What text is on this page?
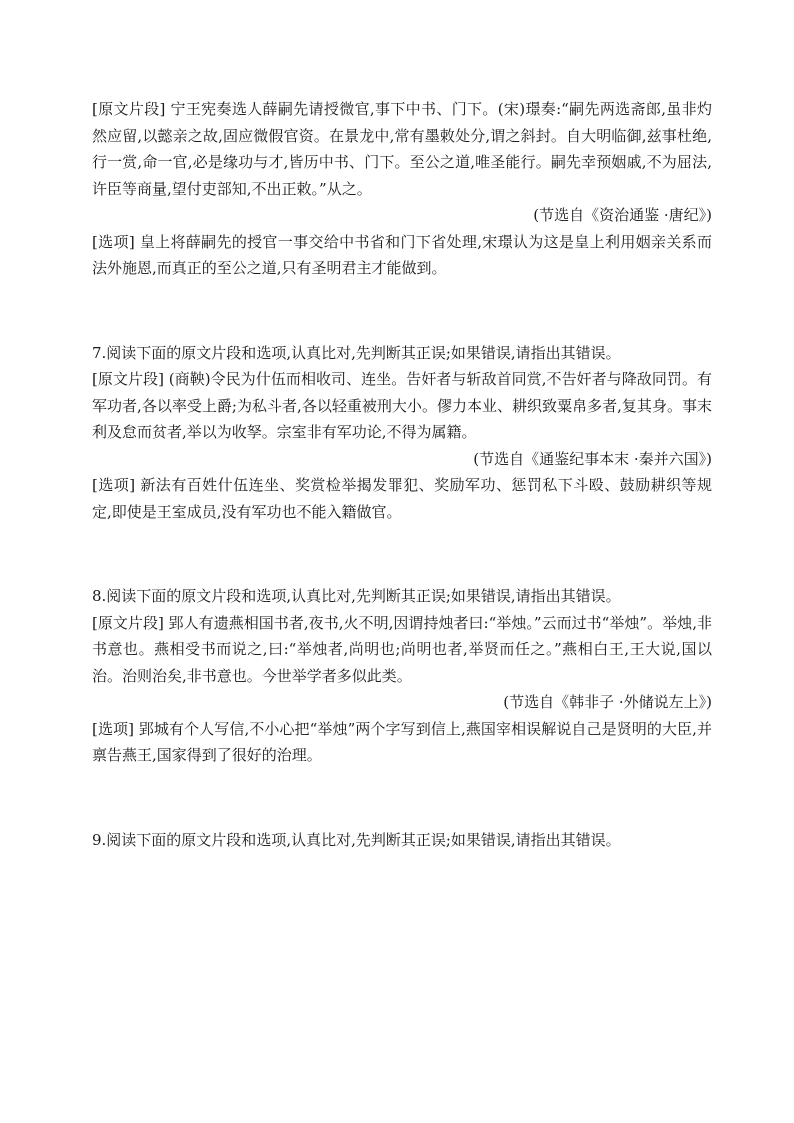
[原文片段] 宁王宪奏选人薛嗣先请授微官,事下中书、门下。(宋)璟奏:“嗣先两选斋郎,虽非灼然应留,以懿亲之故,固应微假官资。在景龙中,常有墨敕处分,谓之斜封。自大明临御,兹事杜绝,行一赏,命一官,必是缘功与才,皆历中书、门下。至公之道,唯圣能行。嗣先幸预姻戚,不为屈法,许臣等商量,望付吏部知,不出正敕。”从之。

(节选自《资治通鉴 ·唐纪》)

[选项] 皇上将薛嗣先的授官一事交给中书省和门下省处理,宋璟认为这是皇上利用姻亲关系而法外施恩,而真正的至公之道,只有圣明君主才能做到。

7.阅读下面的原文片段和选项,认真比对,先判断其正误;如果错误,请指出其错误。

[原文片段] (商鞅)令民为什伍而相收司、连坐。告奸者与斩敌首同赏,不告奸者与降敌同罚。有军功者,各以率受上爵;为私斗者,各以轻重被刑大小。僇力本业、耕织致粟帛多者,复其身。事末利及怠而贫者,举以为收孥。宗室非有军功论,不得为属籍。

(节选自《通鉴纪事本末 ·秦并六国》)

[选项] 新法有百姓什伍连坐、奖赏检举揭发罪犯、奖励军功、惩罚私下斗殴、鼓励耕织等规定,即使是王室成员,没有军功也不能入籍做官。

8.阅读下面的原文片段和选项,认真比对,先判断其正误;如果错误,请指出其错误。

[原文片段] 郢人有遗燕相国书者,夜书,火不明,因谓持烛者曰:“举烛。”云而过书“举烛”。举烛,非书意也。燕相受书而说之,曰:“举烛者,尚明也;尚明也者,举贤而任之。”燕相白王,王大说,国以治。治则治矣,非书意也。今世举学者多似此类。

(节选自《韩非子 ·外储说左上》)

[选项] 郢城有个人写信,不小心把“举烛”两个字写到信上,燕国宰相误解说自己是贤明的大臣,并禀告燕王,国家得到了很好的治理。

9.阅读下面的原文片段和选项,认真比对,先判断其正误;如果错误,请指出其错误。
